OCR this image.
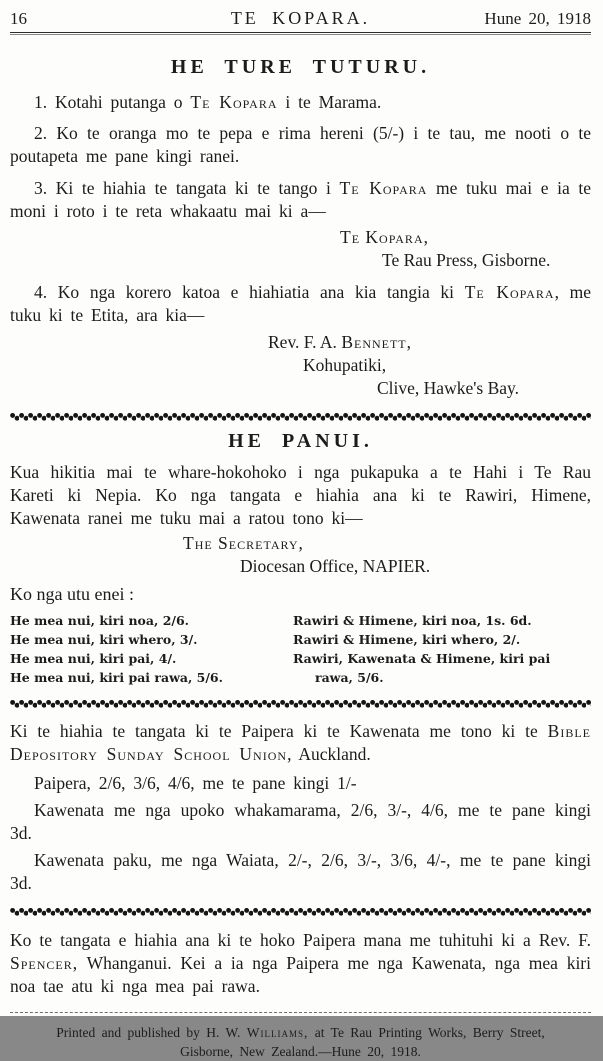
16	TE KOPARA.	Hune 20, 1918
HE TURE TUTURU.

1. Kotahi putanga o Te Kopara i te Marama.

2. Ko te oranga mo te pepa e rima hereni (5/-) i te tau, me nooti o te poutapeta me pane kingi ranei.

3. Ki te hiahia te tangata ki te tango i Te Kopara me tuku mai e ia te moni i roto i te reta whakaatu mai ki a—

Te Kopara,
Te Rau Press, Gisborne.

4. Ko nga korero katoa e hiahiatia ana kia tangia ki Te Kopara, me tuku ki te Etita, ara kia—

Rev. F. A. Bennett,
Kohupatiki,
Clive, Hawke's Bay.
HE PANUI.

Kua hikitia mai te whare-hokohoko i nga pukapuka a te Hahi i Te Rau Kareti ki Nepia. Ko nga tangata e hiahia ana ki te Rawiri, Himene, Kawenata ranei me tuku mai a ratou tono ki—

The Secretary,
Diocesan Office, NAPIER.
Ko nga utu enei :
He mea nui, kiri noa, 2/6.
He mea nui, kiri whero, 3/.
He mea nui, kiri pai, 4/.
He mea nui, kiri pai rawa, 5/6.
Rawiri & Himene, kiri noa, 1s. 6d.
Rawiri & Himene, kiri whero, 2/.
Rawiri, Kawenata & Himene, kiri pai rawa, 5/6.

Ki te hiahia te tangata ki te Paipera ki te Kawenata me tono ki te Bible Depository Sunday School Union, Auckland.

Paipera, 2/6, 3/6, 4/6, me te pane kingi 1/-

Kawenata me nga upoko whakamarama, 2/6, 3/-, 4/6, me te pane kingi 3d.

Kawenata paku, me nga Waiata, 2/-, 2/6, 3/-, 3/6, 4/-, me te pane kingi 3d.

Ko te tangata e hiahia ana ki te hoko Paipera mana me tuhituhi ki a Rev. F. Spencer, Whanganui. Kei a ia nga Paipera me nga Kawenata, nga mea kiri noa tae atu ki nga mea pai rawa.

Printed and published by H. W. Williams, at Te Rau Printing Works, Berry Street,
Gisborne, New Zealand.—Hune 20, 1918.
